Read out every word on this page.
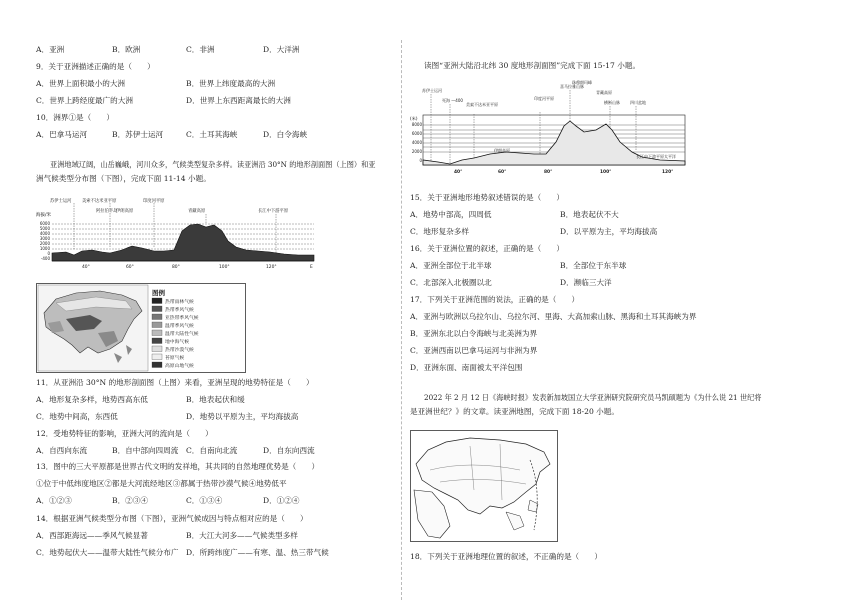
A．亚洲	B．欧洲	C．非洲	D．大洋洲
9．关于亚洲描述正确的是（　　）
A．世界上面积最小的大洲	B．世界上纬度最高的大洲
C．世界上跨经度最广的大洲	D．世界上东西距离最长的大洲
10．洲界①是（　　）
A．巴拿马运河	B．苏伊士运河	C．土耳其海峡	D．白令海峡
亚洲地域辽阔，山岳巍峨，河川众多，气候类型复杂多样。读亚洲沿 30°N 的地形剖面图（上图）和亚
洲气候类型分布图（下图），完成下面 11-14 小题。
海拔/米
苏伊士运河 美索不达米亚平原	印度河平原
阿拉伯半岛
伊朗高原	青藏高原	长江中下游平原
6000
5000
4000
3000
2000
1000
0
-400
40°	60°	80°	100°	120°	E
图例
热带雨林气候
热带季风气候
亚热带季风气候
温带季风气候
温带大陆性气候
地中海气候
热带沙漠气候
苔原气候
高原山地气候
11．从亚洲沿 30°N 的地形剖面图（上图）来看，亚洲呈现的地势特征是（　　）
A．地形复杂多样，地势西高东低	B．地表起伏和缓
C．地势中间高，东西低	D．地势以平原为主，平均海拔高
12．受地势特征的影响，亚洲大河的流向是（　　）
A．自西向东流	B．自中部向四周流 C．自南向北流	D．自东向西流
13．图中的三大平原都是世界古代文明的发祥地，其共同的自然地理优势是（　　）
①位于中低纬度地区②都是大河流经地区③都属于热带沙漠气候④地势低平
A．①②③	B．②③④	C．①③④	D．①②④
14．根据亚洲气候类型分布图（下图），亚洲气候成因与特点相对应的是（　　）
A．西部距海远——季风气候显著	B．大江大河多——气候类型多样
C．地势起伏大——温带大陆性气候分布广 D．所跨纬度广——有寒、温、热三带气候
读图“亚洲大陆沿北纬 30 度地形剖面图”完成下面 15-17 小题。
苏伊士运河
死海 —400
美索不达米亚平原
印度河平原
喜马拉雅山脉
珠穆朗玛峰
青藏高原
横断山脉	四川盆地
(米)
8000
6000
4000
2000
0
伊朗高原
长江中下游平原 太平洋
40°	60°	80°	100°	120°
15．关于亚洲地形地势叙述错误的是（　　）
A．地势中部高，四周低	B．地表起伏不大
C．地形复杂多样	D．以平原为主，平均海拔高
16．关于亚洲位置的叙述，正确的是（　　）
A．亚洲全部位于北半球	B．全部位于东半球
C．北部深入北极圈以北	D．濒临三大洋
17．下列关于亚洲范围的说法，正确的是（　　）
A．亚洲与欧洲以乌拉尔山、乌拉尔河、里海、大高加索山脉、黑海和土耳其海峡为界
B．亚洲东北以白令海峡与北美洲为界
C．亚洲西南以巴拿马运河与非洲为界
D．亚洲东面、南面被太平洋包围
2022 年 2 月 12 日《海峡时报》发表新加坡国立大学亚洲研究院研究员马凯硕题为《为什么说 21 世纪将
是亚洲世纪？》的文章。读亚洲地图，完成下面 18-20 小题。
18．下列关于亚洲地理位置的叙述，不正确的是（　　）
